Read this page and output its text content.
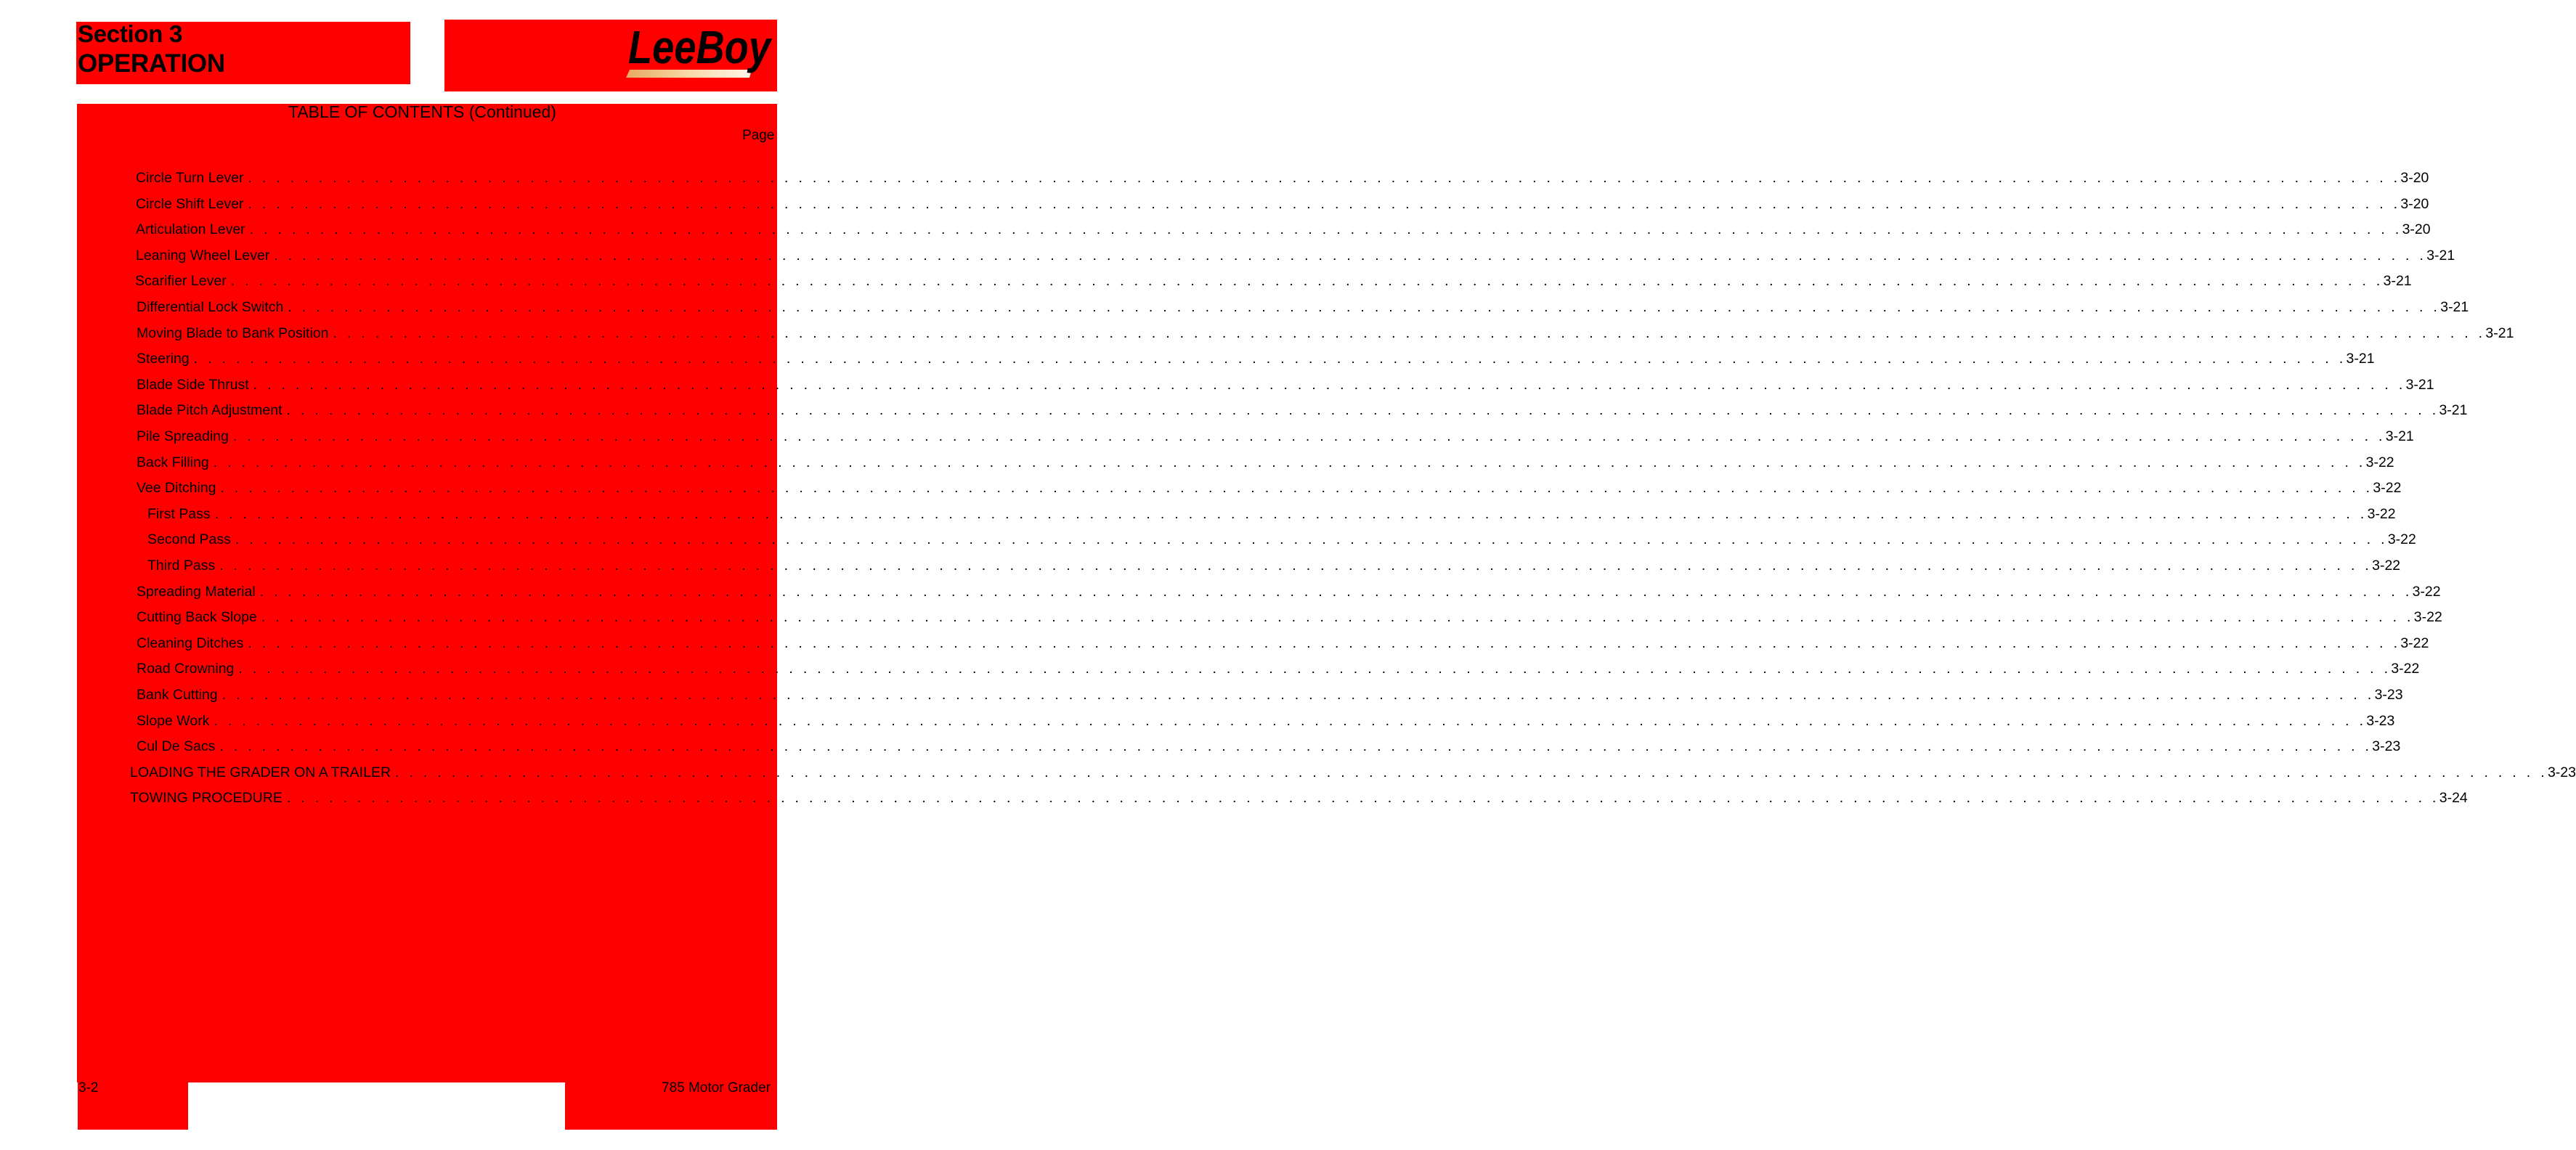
Section 3
OPERATION	LeeBoy
TABLE OF CONTENTS (Continued)
Page
Circle Turn Lever . . .	3-20
Circle Shift Lever . . .	3-20
Articulation Lever . . .	3-20
Leaning Wheel Lever . . .	3-21
Scarifier Lever . . .	3-21
Differential Lock Switch . . .	3-21
Moving Blade to Bank Position . . .	3-21
Steering . . .	3-21
Blade Side Thrust . . .	3-21
Blade Pitch Adjustment . . .	3-21
Pile Spreading . . .	3-21
Back Filling . . .	3-22
Vee Ditching . . .	3-22
First Pass . . .	3-22
Second Pass . . .	3-22
Third Pass . . .	3-22
Spreading Material . . .	3-22
Cutting Back Slope . . .	3-22
Cleaning Ditches . . .	3-22
Road Crowning . . .	3-22
Bank Cutting . . .	3-23
Slope Work . . .	3-23
Cul De Sacs . . .	3-23
LOADING THE GRADER ON A TRAILER . . .	3-23
TOWING PROCEDURE . . .	3-24
3-2	785 Motor Grader
